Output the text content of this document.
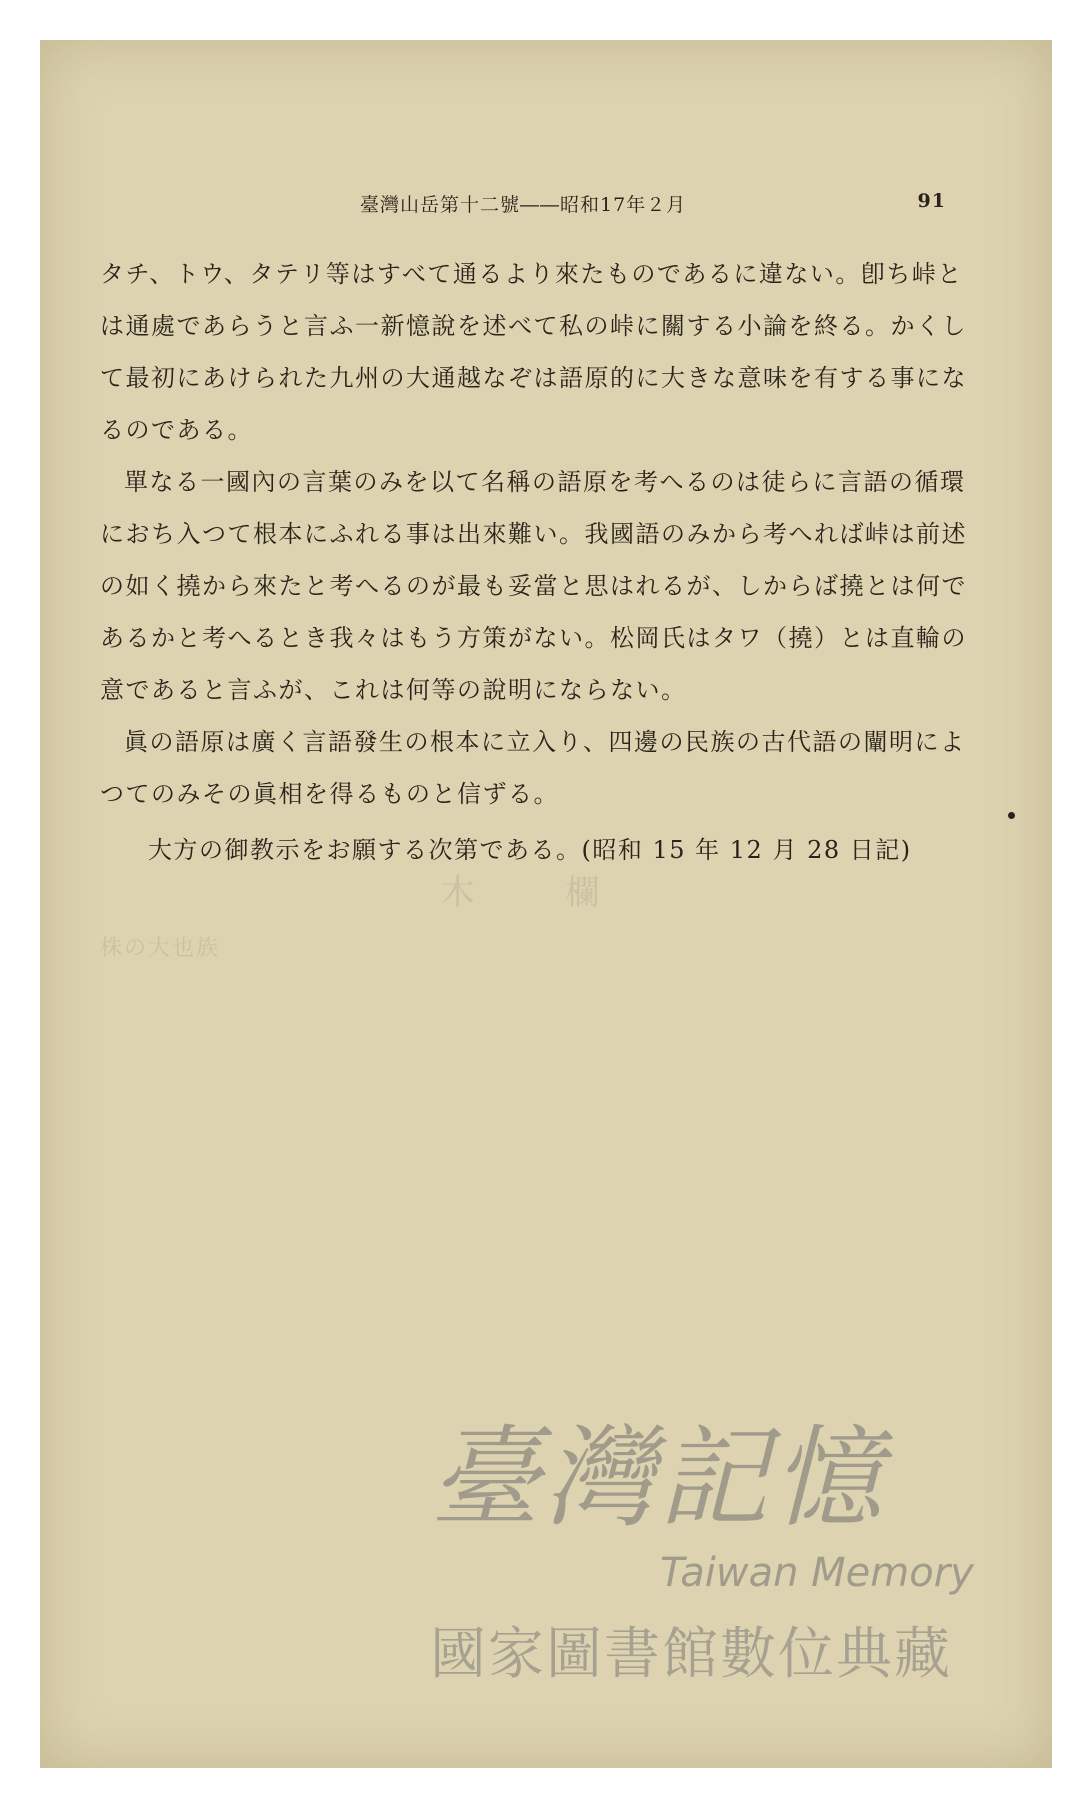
臺灣山岳第十二號――昭和17年２月	91

タチ、トウ、タテリ等はすべて通るより來たものであるに違ない。卽ち峠とは通處であらうと言ふ一新憶說を述べて私の峠に關する小論を終る。かくして最初にあけられた九州の大通越なぞは語原的に大きな意味を有する事になるのである。

單なる一國內の言葉のみを以て名稱の語原を考へるのは徒らに言語の循環におち入つて根本にふれる事は出來難い。我國語のみから考へれば峠は前述の如く撓から來たと考へるのが最も妥當と思はれるが、しからば撓とは何であるかと考へるとき我々はもう方策がない。松岡氏はタワ（撓）とは直輪の意であると言ふが、これは何等の說明にならない。

眞の語原は廣く言語發生の根本に立入り、四邊の民族の古代語の闡明によつてのみその眞相を得るものと信ずる。

大方の御教示をお願する次第である。(昭和 15 年 12 月 28 日記)

木 欄
株の大也族
臺灣記憶
Taiwan Memory
國家圖書館數位典藏
